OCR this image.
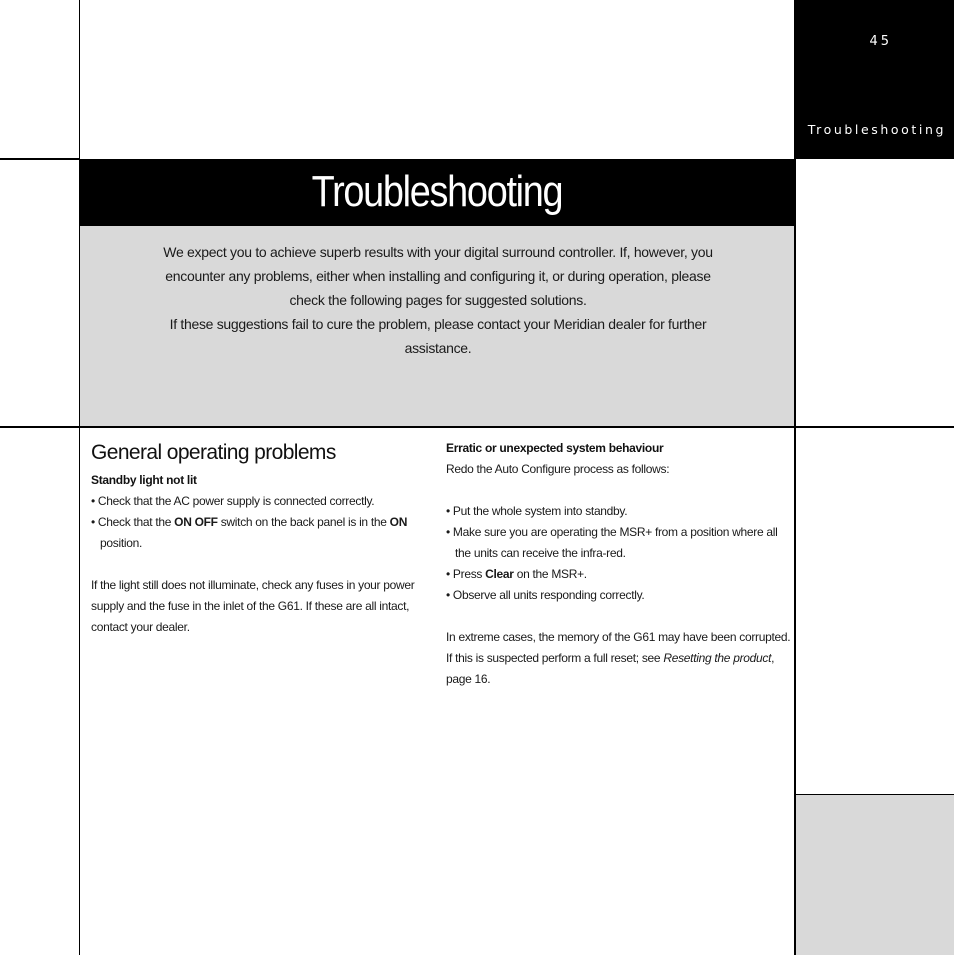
45
Troubleshooting
Troubleshooting

We expect you to achieve superb results with your digital surround controller. If, however, you encounter any problems, either when installing and configuring it, or during operation, please check the following pages for suggested solutions.

If these suggestions fail to cure the problem, please contact your Meridian dealer for further assistance.

General operating problems

Standby light not lit

• Check that the AC power supply is connected correctly.

• Check that the ON OFF switch on the back panel is in the ON position.

If the light still does not illuminate, check any fuses in your power supply and the fuse in the inlet of the G61. If these are all intact, contact your dealer.

Erratic or unexpected system behaviour

Redo the Auto Configure process as follows:

• Put the whole system into standby.

• Make sure you are operating the MSR+ from a position where all the units can receive the infra-red.

• Press Clear on the MSR+.

• Observe all units responding correctly.

In extreme cases, the memory of the G61 may have been corrupted. If this is suspected perform a full reset; see Resetting the product, page 16.
